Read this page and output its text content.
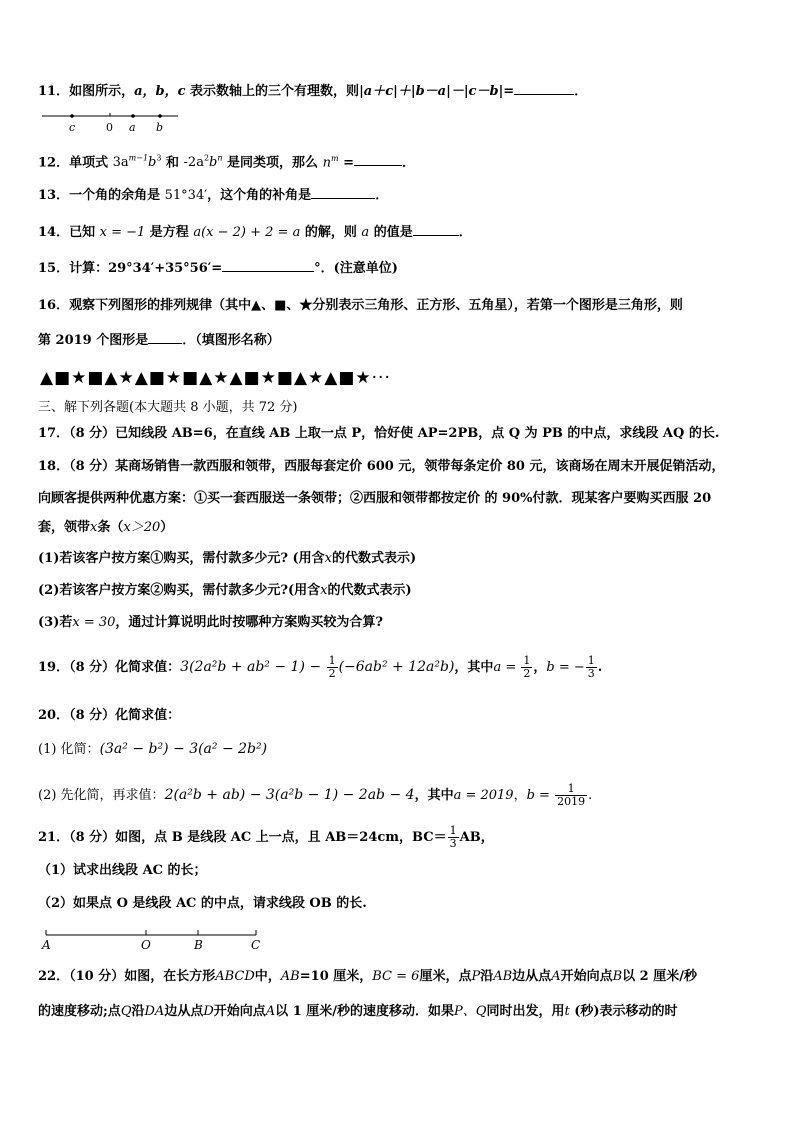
11．如图所示，a，b，c 表示数轴上的三个有理数，则|a＋c|＋|b－a|－|c－b|=	．
c	0 a b
12．单项式 $3a^{m-1}b^3$ 和 $-2a^2b^n$ 是同类项，那么 $n^m$ =	．
13．一个角的余角是 51°34′，这个角的补角是	．
14．已知 x = −1 是方程 a(x − 2) + 2 = a 的解，则 a 的值是	．
15．计算：29°34′+35°56′=	°．(注意单位)
16．观察下列图形的排列规律（其中▲、■、★分别表示三角形、正方形、五角星），若第一个图形是三角形，则
第 2019 个图形是	．（填图形名称）
▲■★■▲★▲■★■▲★▲■★■▲★▲■★···
三、解下列各题(本大题共 8 小题，共 72 分)
17．（8 分）已知线段 AB=6，在直线 AB 上取一点 P，恰好使 AP=2PB，点 Q 为 PB 的中点，求线段 AQ 的长.
18．（8 分）某商场销售一款西服和领带，西服每套定价 600 元，领带每条定价 80 元，该商场在周末开展促销活动，
向顾客提供两种优惠方案：①买一套西服送一条领带；②西服和领带都按定价 的 90%付款．现某客户要购买西服 20
套，领带x条（x＞20）
(1)若该客户按方案①购买，需付款多少元? (用含x的代数式表示)
(2)若该客户按方案②购买，需付款多少元?(用含x的代数式表示)
(3)若x = 30，通过计算说明此时按哪种方案购买较为合算?
19．（8 分）化简求值：$3(2a^2b + ab^2 - 1) - \frac{1}{2} (-6ab^2 + 12a^2b)$，其中$a = \frac{1}{2}$ ，b = − $\frac{1}{3}$ .
20．（8 分）化简求值：
(1) 化简：(3a² − b²) − 3(a² − 2b²)
(2) 先化简，再求值：2(a²b + ab) − 3(a²b − 1) − 2ab − 4，其中a = 2019，$b = \frac{1}{2019}$ .
21．（8 分）如图，点 B 是线段 AC 上一点，且 AB＝24cm，$BC= \frac{1}{3}$ AB，
（1）试求出线段 AC 的长；
（2）如果点 O 是线段 AC 的中点，请求线段 OB 的长.
A	O	B	C
22．（10 分）如图，在长方形ABCD中，AB=10 厘米，BC = 6厘米，点P沿AB边从点A开始向点B以 2 厘米/秒
的速度移动;点Q沿DA边从点D开始向点A以 1 厘米/秒的速度移动．如果P、Q同时出发，用t (秒)表示移动的时
